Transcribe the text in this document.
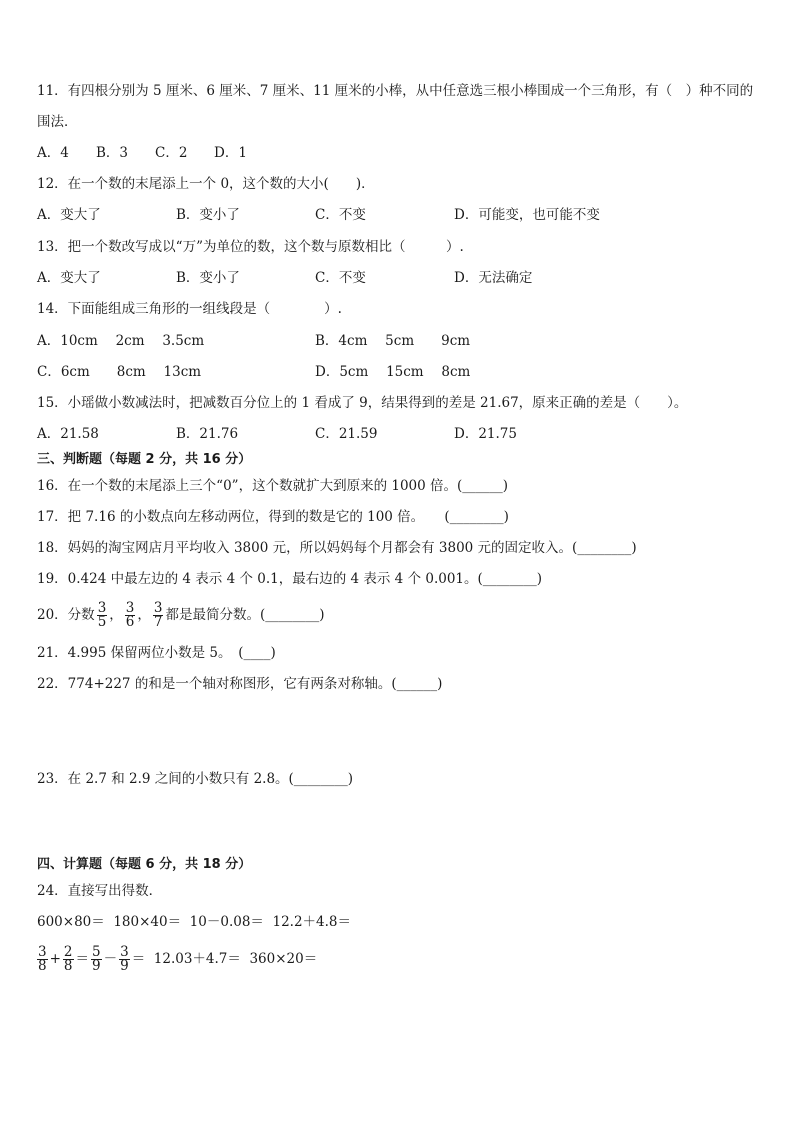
11．有四根分别为 5 厘米、6 厘米、7 厘米、11 厘米的小棒，从中任意选三根小棒围成一个三角形，有（　）种不同的
围法．
A．4 B．3 C．2 D．1
12．在一个数的末尾添上一个 0，这个数的大小(　　)．
A．变大了	B．变小了	C．不变	D．可能变，也可能不变
13．把一个数改写成以“万”为单位的数，这个数与原数相比（　　　）.
A．变大了	B．变小了	C．不变	D．无法确定
14．下面能组成三角形的一组线段是（　　　　）.
A．10cm　 2cm　 3.5cm	B．4cm　 5cm　　9cm
C．6cm　　8cm　 13cm	D．5cm　 15cm　 8cm
15．小瑶做小数减法时，把减数百分位上的 1 看成了 9，结果得到的差是 21.67，原来正确的差是（　　）。
A．21.58	B．21.76	C．21.59	D．21.75
三、判断题（每题 2 分，共 16 分）
16．在一个数的末尾添上三个“0”，这个数就扩大到原来的 1000 倍。(______)
17．把 7.16 的小数点向左移动两位，得到的数是它的 100 倍。　　(________)
18．妈妈的淘宝网店月平均收入 3800 元，所以妈妈每个月都会有 3800 元的固定收入。(________)
19．0.424 中最左边的 4 表示 4 个 0.1，最右边的 4 表示 4 个 0.001。(________)
20．分数 $\frac{3}{5}$ ， $\frac{3}{6}$ ， $\frac{3}{7}$ 都是最简分数。(________)
21．4.995 保留两位小数是 5。　(____)
22．774+227 的和是一个轴对称图形，它有两条对称轴。(______)
23．在 2.7 和 2.9 之间的小数只有 2.8。(________)
四、计算题（每题 6 分，共 18 分）
24．直接写出得数．
600×80＝  180×40＝  10－0.08＝  12.2＋4.8＝
$\frac{3}{8} + \frac{2}{8} = \frac{5}{9} - \frac{3}{9} = 12.03+4.7= 360\times 20=$
